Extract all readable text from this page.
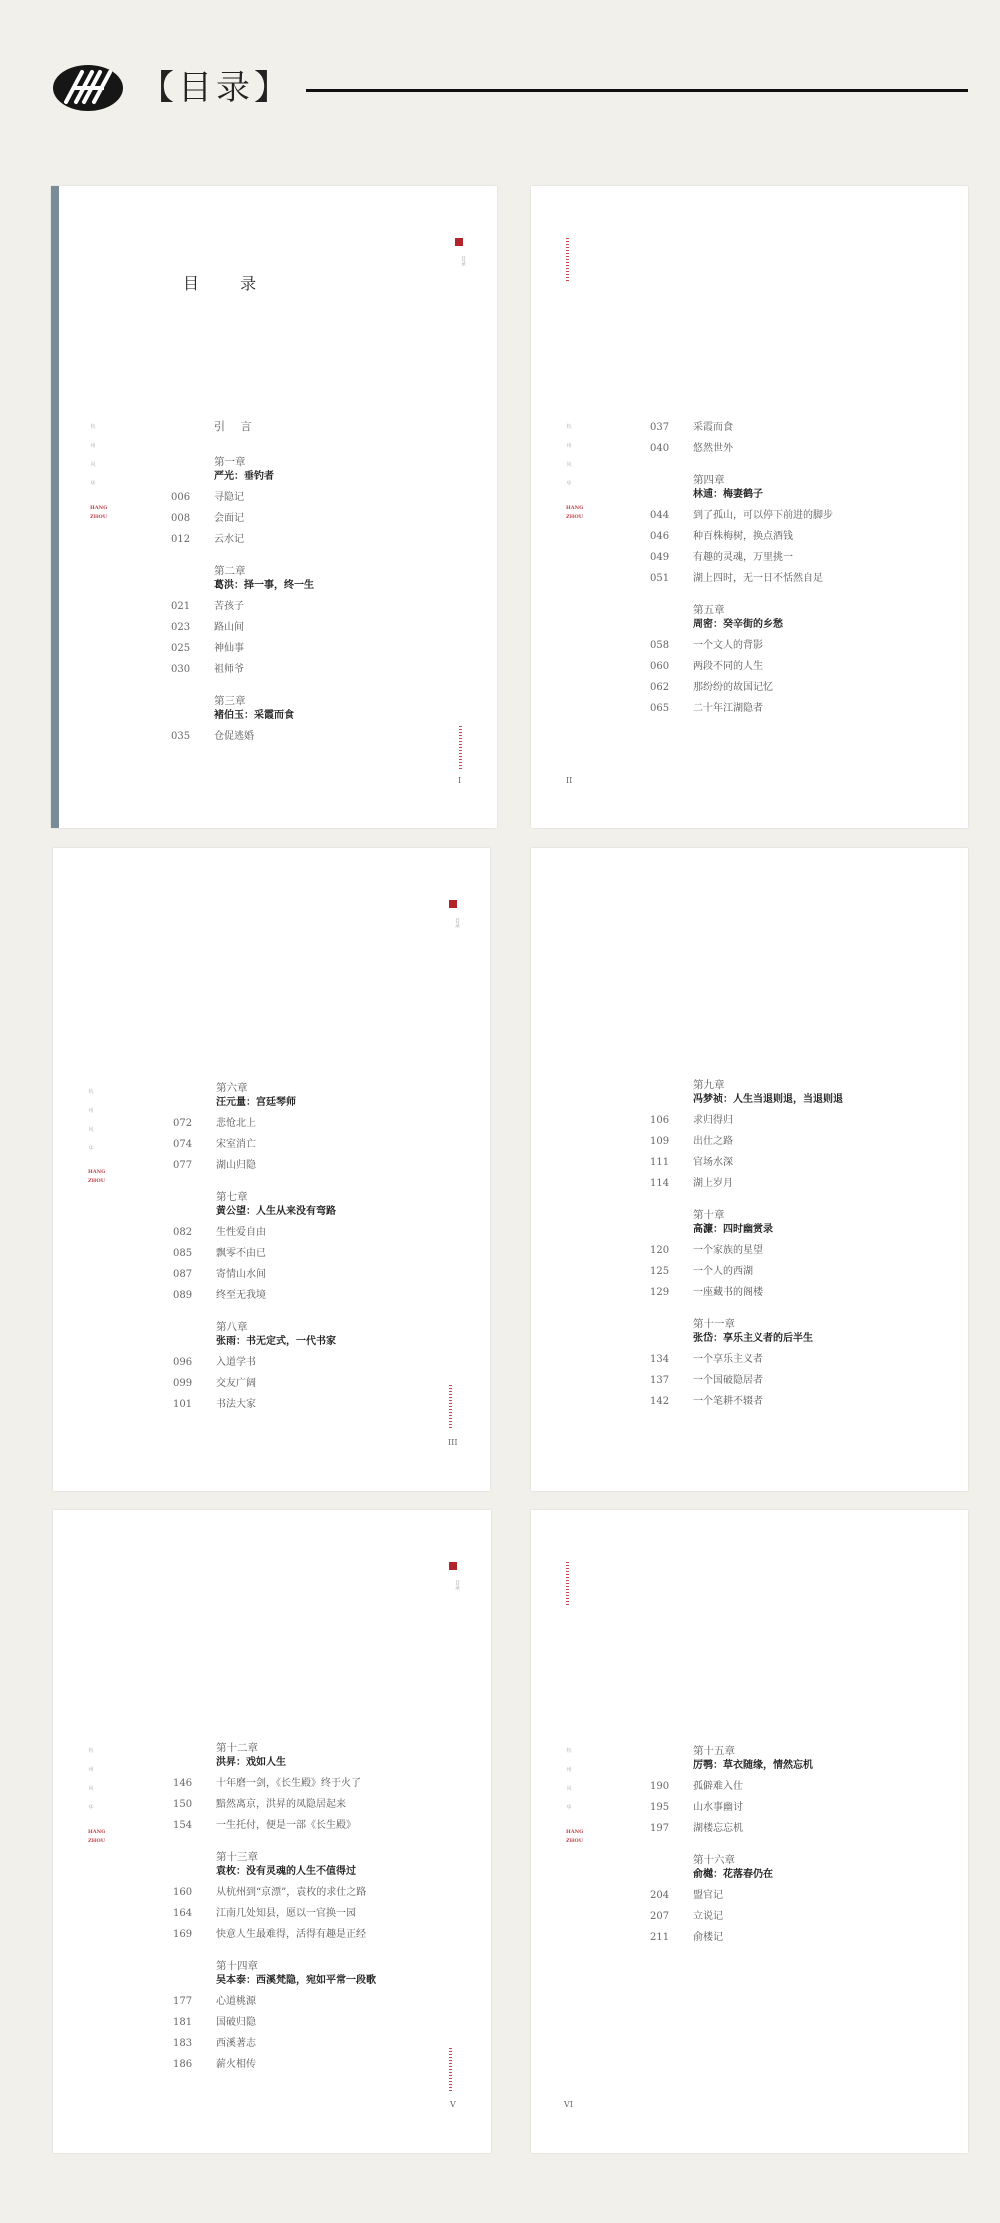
【目录】
目录
目 录
杭州风华
HANG ZHOU
I
引 言
第一章
严光：垂钓者
006	寻隐记
008	会面记
012	云水记
第二章
葛洪：择一事，终一生
021	苦孩子
023	路山间
025	神仙事
030	祖师爷
第三章
褚伯玉：采霞而食
035	仓促逃婚
杭州风华
HANG ZHOU
II
037	采霞而食
040	悠然世外
第四章
林逋：梅妻鹤子
044	到了孤山，可以停下前进的脚步
046	种百株梅树，换点酒钱
049	有趣的灵魂，万里挑一
051	湖上四时，无一日不恬然自足
第五章
周密：癸辛街的乡愁
058	一个文人的背影
060	两段不同的人生
062	那纷纷的故国记忆
065	二十年江湖隐者
目录
杭州风华
HANG ZHOU
III
第六章
汪元量：宫廷琴师
072	悲怆北上
074	宋室消亡
077	湖山归隐
第七章
黄公望：人生从来没有弯路
082	生性爱自由
085	飘零不由已
087	寄情山水间
089	终至无我境
第八章
张雨：书无定式，一代书家
096	入道学书
099	交友广阔
101	书法大家
第九章
冯梦祯：人生当退则退，当退则退
106	求归得归
109	出仕之路
111	官场水深
114	湖上岁月
第十章
高濂：四时幽赏录
120	一个家族的星望
125	一个人的西湖
129	一座藏书的阁楼
第十一章
张岱：享乐主义者的后半生
134	一个享乐主义者
137	一个国破隐居者
142	一个笔耕不辍者
目录
杭州风华
HANG ZHOU
V
第十二章
洪昇：戏如人生
146	十年磨一剑，《长生殿》终于火了
150	黯然离京，洪昇的凤隐居起来
154	一生托付，便是一部《长生殿》
第十三章
袁枚：没有灵魂的人生不值得过
160	从杭州到“京漂”，袁枚的求仕之路
164	江南几处知县，愿以一官换一园
169	快意人生最难得，活得有趣是正经
第十四章
吴本泰：西溪梵隐，宛如平常一段歌
177	心道桃源
181	国破归隐
183	西溪著志
186	薪火相传
杭州风华
HANG ZHOU
VI
第十五章
厉鹗：草衣随缘，情然忘机
190	孤僻难入仕
195	山水事幽讨
197	湖楼忘忘机
第十六章
俞樾：花落春仍在
204	盟官记
207	立说记
211	俞楼记
